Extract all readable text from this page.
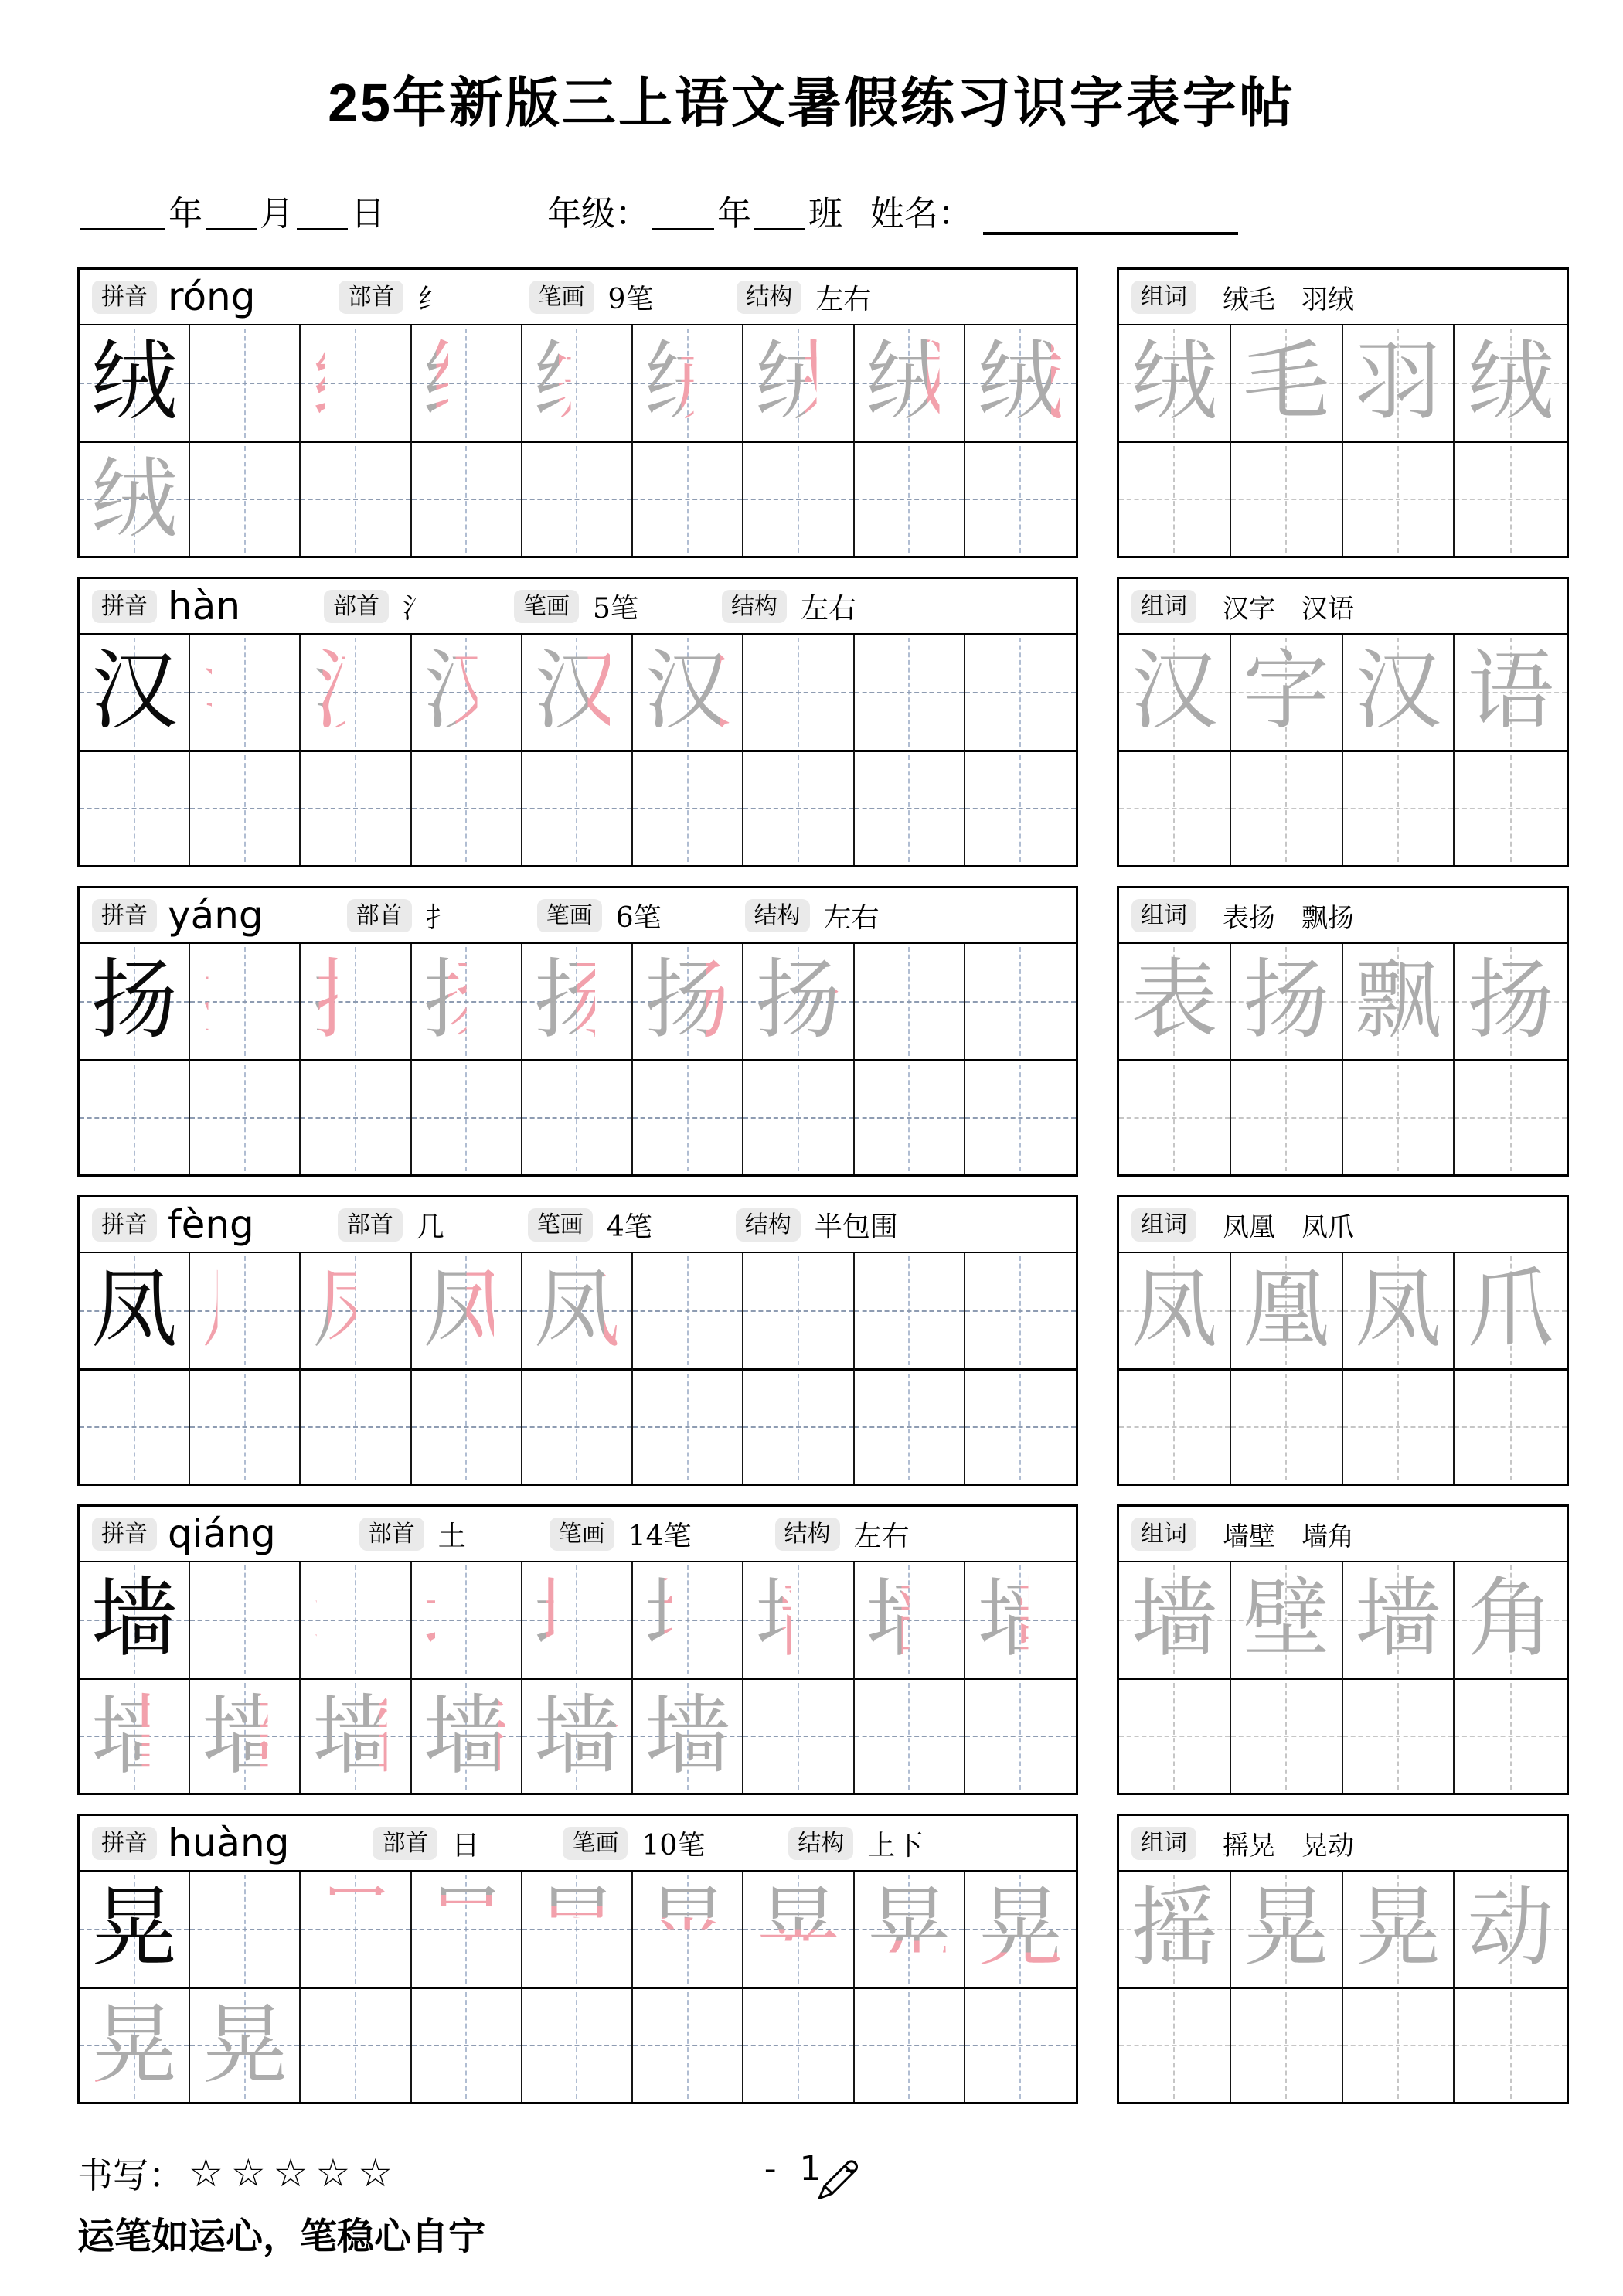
25年新版三上语文暑假练习识字表字帖
年 月 日	年级： 年 班 姓名：
拼音 róng	部首 纟	笔画 9笔	结构 左右
绒 绒 绒 绒 绒 绒 绒 绒 绒
绒
组词	绒毛 羽绒
绒 毛 羽 绒
拼音 hàn	部首 氵	笔画 5笔	结构 左右
汉 汉 汉 汉 汉 汉
组词	汉字 汉语
汉 字 汉 语
拼音 yáng	部首 扌	笔画 6笔	结构 左右
扬 扬 扬 扬 扬 扬 扬
组词	表扬 飘扬
表 扬 飘 扬
拼音 fèng	部首 几	笔画 4笔	结构 半包围
凤 凤 凤 凤 凤
组词	凤凰 凤爪
凤 凰 凤 爪
拼音 qiáng	部首 土	笔画 14笔	结构 左右
墙 墙 墙 墙 墙 墙 墙 墙 墙
墙 墙 墙 墙 墙 墙
组词	墙壁 墙角
墙 壁 墙 角
拼音 huàng	部首 日	笔画 10笔	结构 上下
晃 晃 晃 晃 晃 晃 晃 晃 晃
晃 晃
组词	摇晃 晃动
摇 晃 晃 动
书写： ☆☆☆☆☆	- 1 -
运笔如运心，笔稳心自宁
